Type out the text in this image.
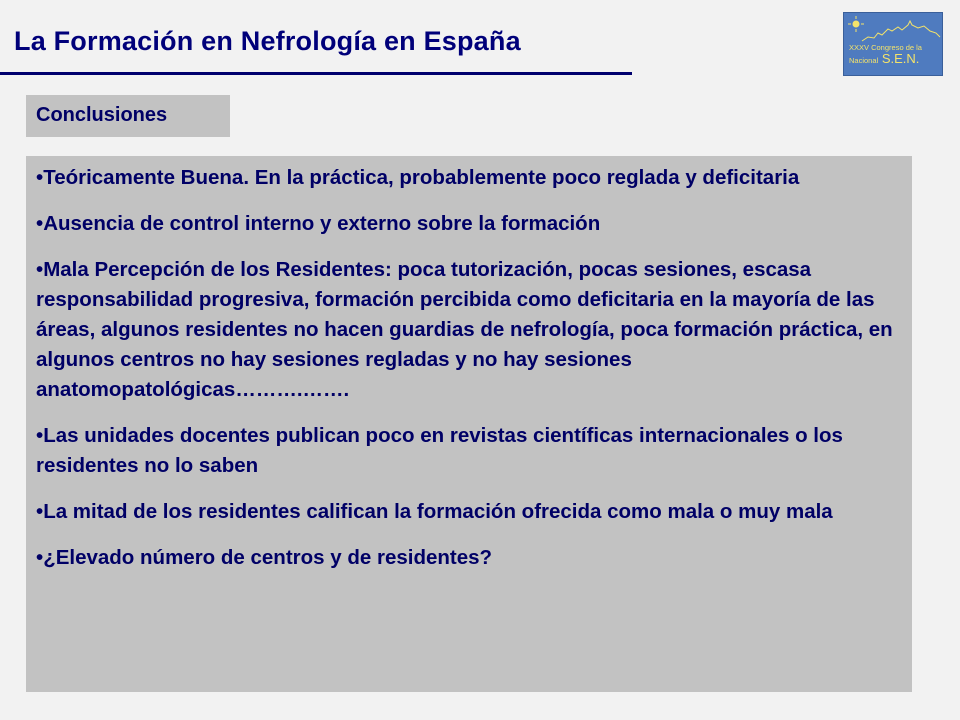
La Formación en Nefrología en España	XXXV Congreso de la
Nacional S.E.N.
Conclusiones
•Teóricamente Buena. En la práctica, probablemente poco reglada y deficitaria
•Ausencia de control interno y externo sobre la formación
•Mala Percepción de los Residentes: poca tutorización, pocas sesiones, escasa responsabilidad progresiva, formación percibida como deficitaria en la mayoría de las áreas, algunos residentes no hacen guardias de nefrología, poca formación práctica, en algunos centros no hay sesiones regladas y no hay sesiones anatomopatológicas……….…….
•Las unidades docentes publican poco en revistas científicas internacionales o los residentes no lo saben
•La mitad de los residentes califican la formación ofrecida como mala o muy mala
•¿Elevado número de centros y de residentes?
